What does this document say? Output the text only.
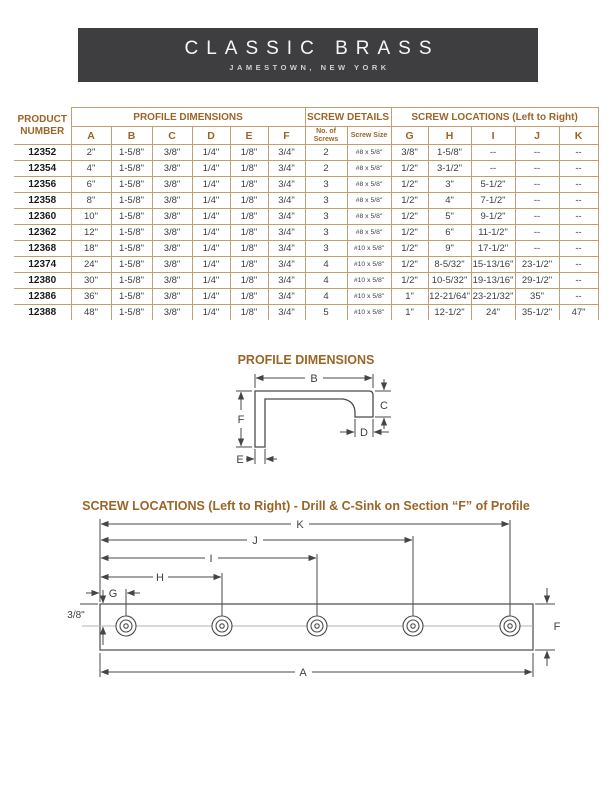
CLASSIC BRASS
JAMESTOWN, NEW YORK
PRODUCT NUMBER	PROFILE DIMENSIONS						SCREW DETAILS		SCREW LOCATIONS (Left to Right)				
	A	B	C	D	E	F	No. of Screws	Screw Size	G	H	I	J	K
12352	2"	1-5/8"	3/8"	1/4"	1/8"	3/4"	2	#8 x 5/8"	3/8"	1-5/8"	--	--	--
12354	4"	1-5/8"	3/8"	1/4"	1/8"	3/4"	2	#8 x 5/8"	1/2"	3-1/2"	--	--	--
12356	6"	1-5/8"	3/8"	1/4"	1/8"	3/4"	3	#8 x 5/8"	1/2"	3"	5-1/2"	--	--
12358	8"	1-5/8"	3/8"	1/4"	1/8"	3/4"	3	#8 x 5/8"	1/2"	4"	7-1/2"	--	--
12360	10"	1-5/8"	3/8"	1/4"	1/8"	3/4"	3	#8 x 5/8"	1/2"	5"	9-1/2"	--	--
12362	12"	1-5/8"	3/8"	1/4"	1/8"	3/4"	3	#8 x 5/8"	1/2"	6"	11-1/2"	--	--
12368	18"	1-5/8"	3/8"	1/4"	1/8"	3/4"	3	#10 x 5/8"	1/2"	9"	17-1/2"	--	--
12374	24"	1-5/8"	3/8"	1/4"	1/8"	3/4"	4	#10 x 5/8"	1/2"	8-5/32"	15-13/16"	23-1/2"	--
12380	30"	1-5/8"	3/8"	1/4"	1/8"	3/4"	4	#10 x 5/8"	1/2"	10-5/32"	19-13/16"	29-1/2"	--
12386	36"	1-5/8"	3/8"	1/4"	1/8"	3/4"	4	#10 x 5/8"	1"	12-21/64"	23-21/32"	35"	--
12388	48"	1-5/8"	3/8"	1/4"	1/8"	3/4"	5	#10 x 5/8"	1"	12-1/2"	24"	35-1/2"	47"
PROFILE DIMENSIONS
B
C
D
F
E
SCREW LOCATIONS (Left to Right) - Drill & C-Sink on Section “F” of Profile
K
J
I
H
G
3/8"
F
A
